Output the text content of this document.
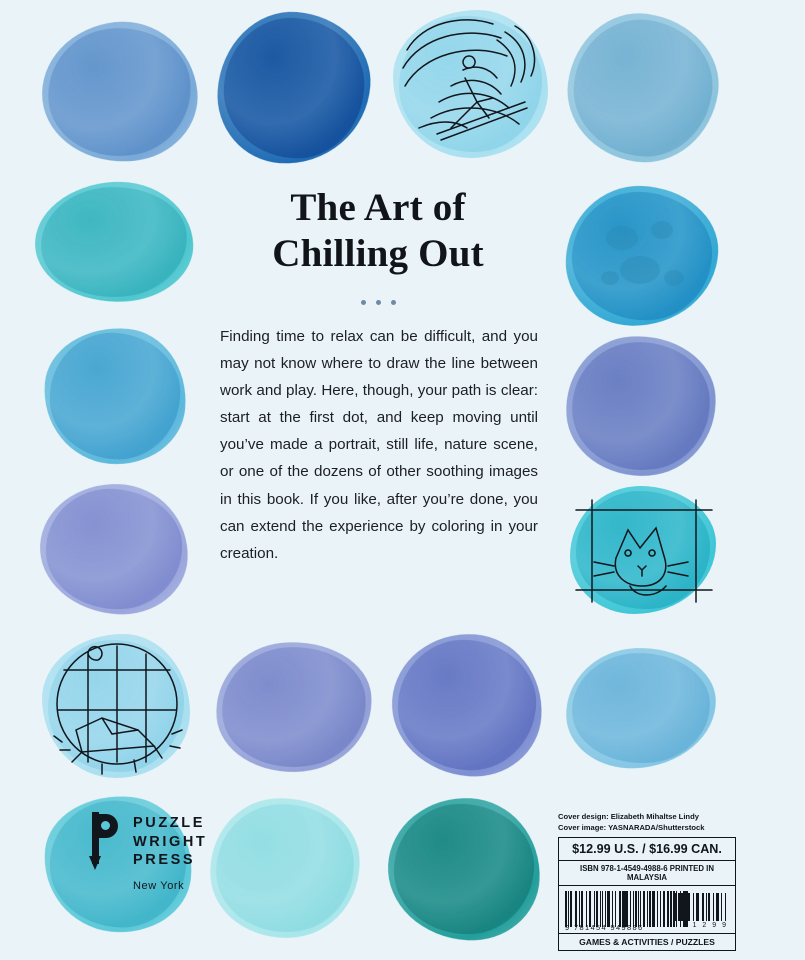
The Art of
Chilling Out

Finding time to relax can be difficult, and you may not know where to draw the line between work and play. Here, though, your path is clear: start at the first dot, and keep moving until you’ve made a portrait, still life, nature scene, or one of the dozens of other soothing images in this book. If you like, after you’re done, you can extend the experience by coloring in your creation.

PUZZLE
WRIGHT
PRESS
New York
Cover design: Elizabeth Mihaltse Lindy
Cover image: YASNARADA/Shutterstock
$12.99 U.S. / $16.99 CAN.
ISBN 978-1-4549-4988-6 PRINTED IN MALAYSIA
5 1 2 9 9
9 781454 949886
GAMES & ACTIVITIES / PUZZLES
